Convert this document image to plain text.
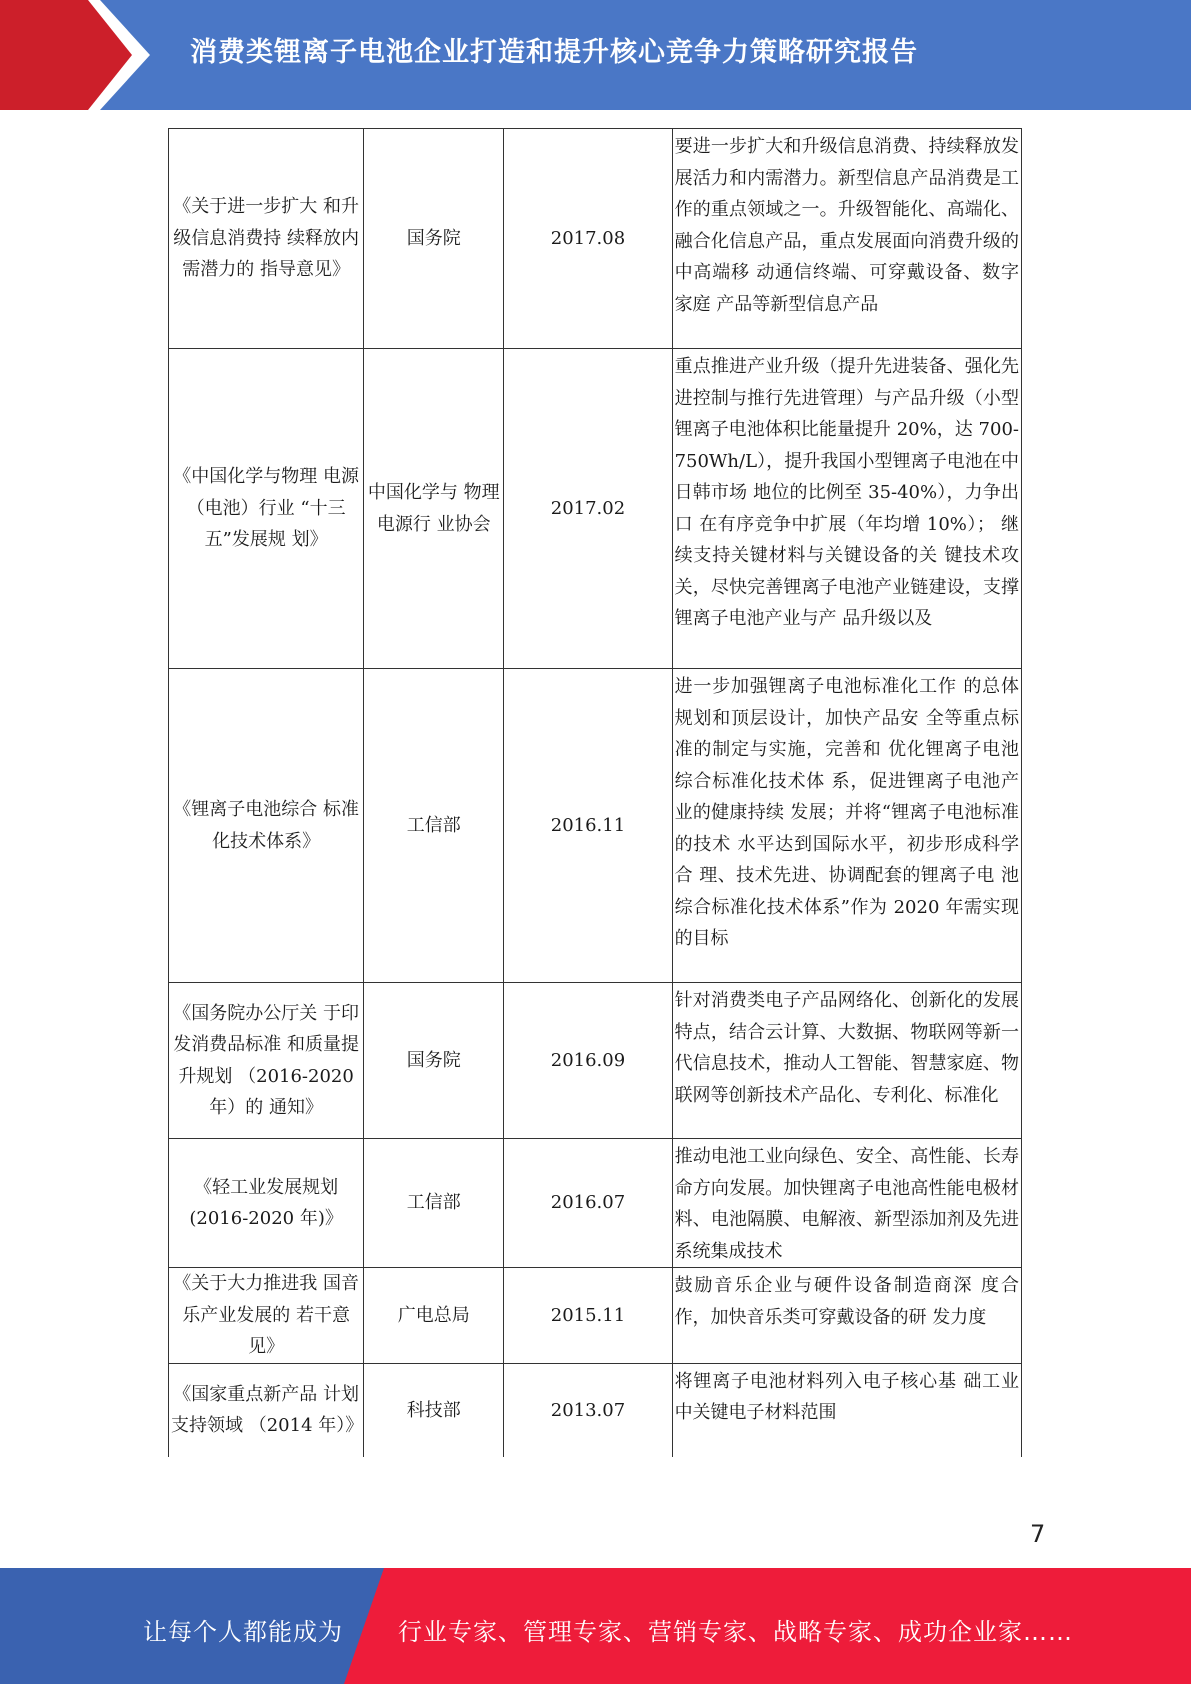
消费类锂离子电池企业打造和提升核心竞争力策略研究报告
《关于进一步扩大 和升级信息消费持 续释放内需潜力的 指导意见》	国务院	2017.08	要进一步扩大和升级信息消费、持续释放发展活力和内需潜力。新型信息产品消费是工作的重点领域之一。升级智能化、高端化、融合化信息产品，重点发展面向消费升级的中高端移 动通信终端、可穿戴设备、数字家庭 产品等新型信息产品
《中国化学与物理 电源（电池）行业 “十三五”发展规 划》	中国化学与 物理电源行 业协会	2017.02	重点推进产业升级（提升先进装备、强化先进控制与推行先进管理）与产品升级（小型锂离子电池体积比能量提升 20%，达 700-750Wh/L），提升我国小型锂离子电池在中日韩市场 地位的比例至 35-40%），力争出口 在有序竞争中扩展（年均增 10%）； 继续支持关键材料与关键设备的关 键技术攻关，尽快完善锂离子电池产业链建设，支撑锂离子电池产业与产 品升级以及
《锂离子电池综合 标准化技术体系》	工信部	2016.11	进一步加强锂离子电池标准化工作 的总体规划和顶层设计，加快产品安 全等重点标准的制定与实施，完善和 优化锂离子电池综合标准化技术体 系，促进锂离子电池产业的健康持续 发展；并将“锂离子电池标准的技术 水平达到国际水平，初步形成科学合 理、技术先进、协调配套的锂离子电 池综合标准化技术体系”作为 2020 年需实现的目标
《国务院办公厅关 于印发消费品标准 和质量提升规划 （2016-2020 年）的 通知》	国务院	2016.09	针对消费类电子产品网络化、创新化的发展特点，结合云计算、大数据、物联网等新一代信息技术，推动人工智能、智慧家庭、物联网等创新技术产品化、专利化、标准化
《轻工业发展规划 (2016-2020 年)》	工信部	2016.07	推动电池工业向绿色、安全、高性能、长寿命方向发展。加快锂离子电池高性能电极材料、电池隔膜、电解液、新型添加剂及先进系统集成技术
《关于大力推进我 国音乐产业发展的 若干意见》	广电总局	2015.11	鼓励音乐企业与硬件设备制造商深 度合作，加快音乐类可穿戴设备的研 发力度
《国家重点新产品 计划支持领域 （2014 年）》	科技部	2013.07	将锂离子电池材料列入电子核心基 础工业中关键电子材料范围
7
让每个人都能成为 行业专家、管理专家、营销专家、战略专家、成功企业家……
